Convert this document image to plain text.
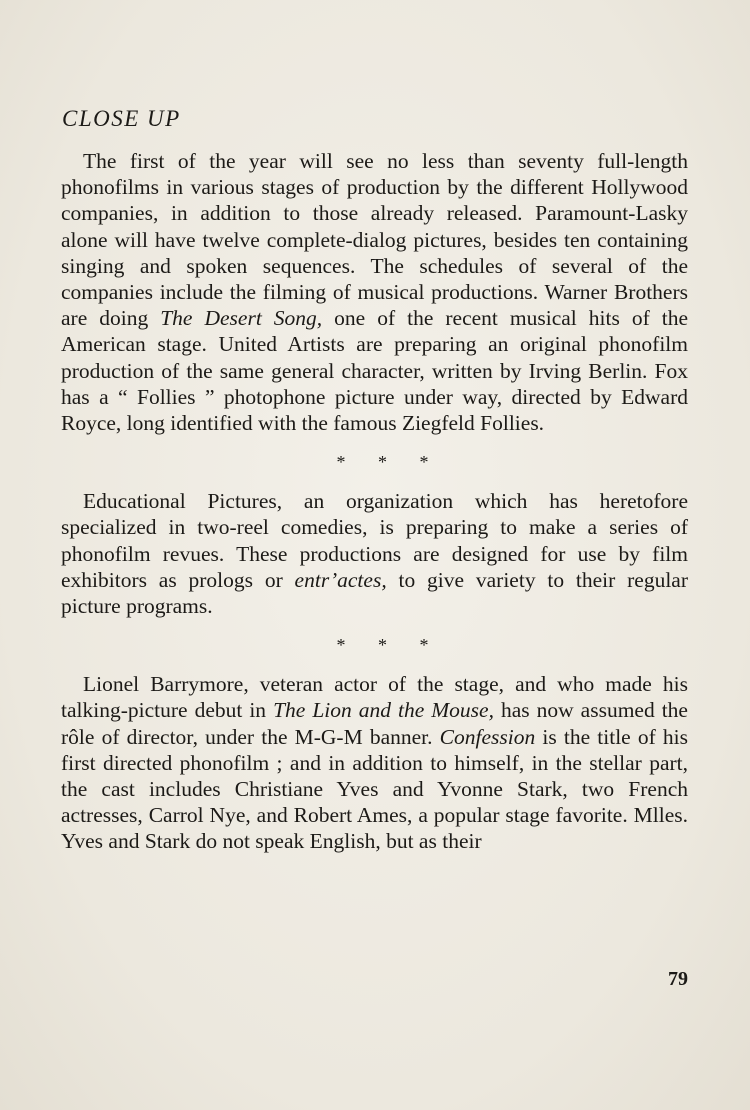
CLOSE UP

The first of the year will see no less than seventy full-length phonofilms in various stages of production by the different Hollywood companies, in addition to those already released. Paramount-Lasky alone will have twelve complete-dialog pictures, besides ten containing singing and spoken sequences. The schedules of several of the companies include the filming of musical productions. Warner Brothers are doing The Desert Song, one of the recent musical hits of the American stage. United Artists are preparing an original phonofilm production of the same general character, written by Irving Berlin. Fox has a “ Follies ” photophone picture under way, directed by Edward Royce, long identified with the famous Ziegfeld Follies.

* * *

Educational Pictures, an organization which has heretofore specialized in two-reel comedies, is preparing to make a series of phonofilm revues. These productions are designed for use by film exhibitors as prologs or entr’actes, to give variety to their regular picture programs.

* * *

Lionel Barrymore, veteran actor of the stage, and who made his talking-picture debut in The Lion and the Mouse, has now assumed the rôle of director, under the M-G-M banner. Confession is the title of his first directed phonofilm ; and in addition to himself, in the stellar part, the cast includes Christiane Yves and Yvonne Stark, two French actresses, Carrol Nye, and Robert Ames, a popular stage favorite. Mlles. Yves and Stark do not speak English, but as their

79
